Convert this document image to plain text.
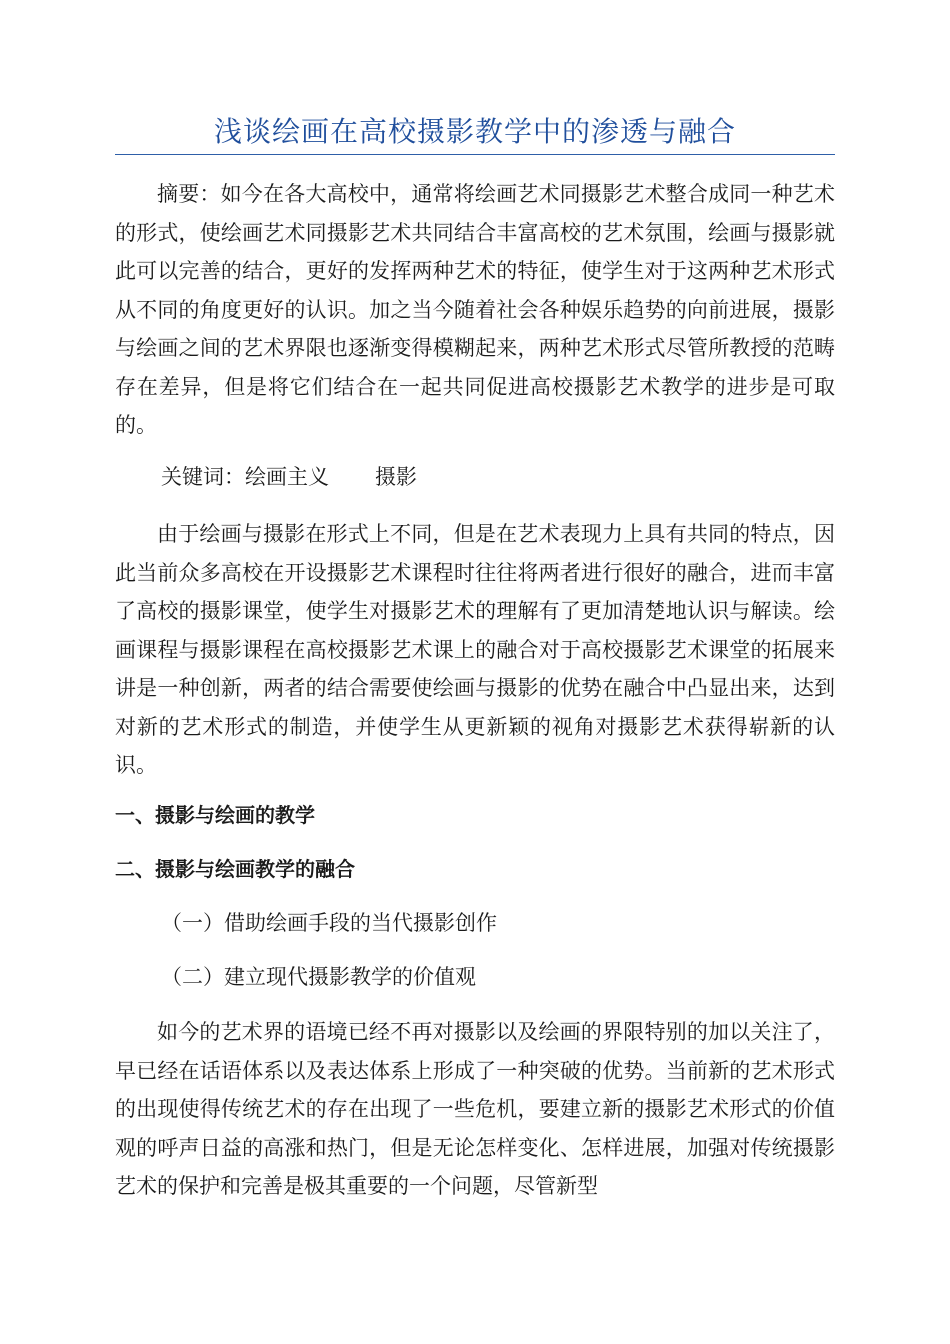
浅谈绘画在高校摄影教学中的渗透与融合

摘要：如今在各大高校中，通常将绘画艺术同摄影艺术整合成同一种艺术的形式，使绘画艺术同摄影艺术共同结合丰富高校的艺术氛围，绘画与摄影就此可以完善的结合，更好的发挥两种艺术的特征，使学生对于这两种艺术形式从不同的角度更好的认识。加之当今随着社会各种娱乐趋势的向前进展，摄影与绘画之间的艺术界限也逐渐变得模糊起来，两种艺术形式尽管所教授的范畴存在差异，但是将它们结合在一起共同促进高校摄影艺术教学的进步是可取的。

关键词：绘画主义 摄影

由于绘画与摄影在形式上不同，但是在艺术表现力上具有共同的特点，因此当前众多高校在开设摄影艺术课程时往往将两者进行很好的融合，进而丰富了高校的摄影课堂，使学生对摄影艺术的理解有了更加清楚地认识与解读。绘画课程与摄影课程在高校摄影艺术课上的融合对于高校摄影艺术课堂的拓展来讲是一种创新，两者的结合需要使绘画与摄影的优势在融合中凸显出来，达到对新的艺术形式的制造，并使学生从更新颖的视角对摄影艺术获得崭新的认识。

一、摄影与绘画的教学

二、摄影与绘画教学的融合

（一）借助绘画手段的当代摄影创作

（二）建立现代摄影教学的价值观

如今的艺术界的语境已经不再对摄影以及绘画的界限特别的加以关注了，早已经在话语体系以及表达体系上形成了一种突破的优势。当前新的艺术形式的出现使得传统艺术的存在出现了一些危机，要建立新的摄影艺术形式的价值观的呼声日益的高涨和热门，但是无论怎样变化、怎样进展，加强对传统摄影艺术的保护和完善是极其重要的一个问题，尽管新型
